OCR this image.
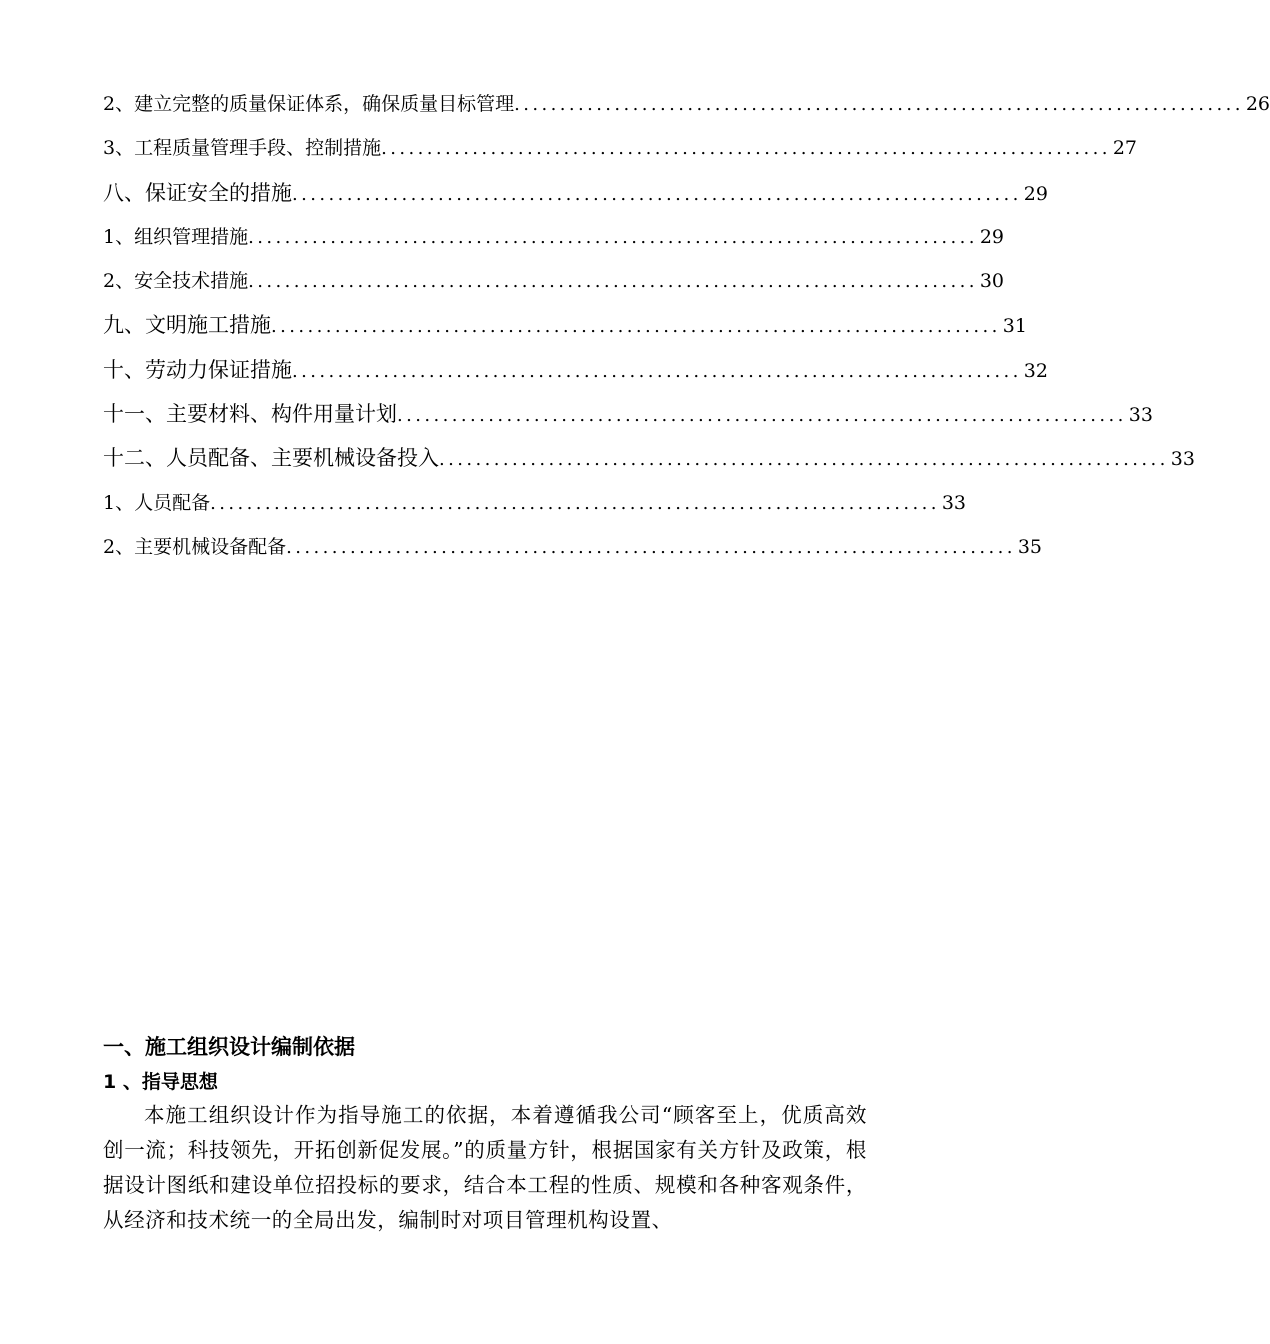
2、建立完整的质量保证体系，确保质量目标管理 ................................................................................ 26
3、工程质量管理手段、控制措施 ................................................................................ 27
八、保证安全的措施 ................................................................................ 29
1、组织管理措施 ................................................................................ 29
2、安全技术措施 ................................................................................ 30
九、文明施工措施 ................................................................................ 31
十、劳动力保证措施 ................................................................................ 32
十一、主要材料、构件用量计划 ................................................................................ 33
十二、人员配备、主要机械设备投入 ................................................................................ 33
1、人员配备 ................................................................................ 33
2、主要机械设备配备 ................................................................................ 35
一、施工组织设计编制依据
1 、指导思想

本施工组织设计作为指导施工的依据，本着遵循我公司“顾客至上，优质高效创一流；科技领先，开拓创新促发展。”的质量方针，根据国家有关方针及政策，根据设计图纸和建设单位招投标的要求，结合本工程的性质、规模和各种客观条件，从经济和技术统一的全局出发，编制时对项目管理机构设置、
